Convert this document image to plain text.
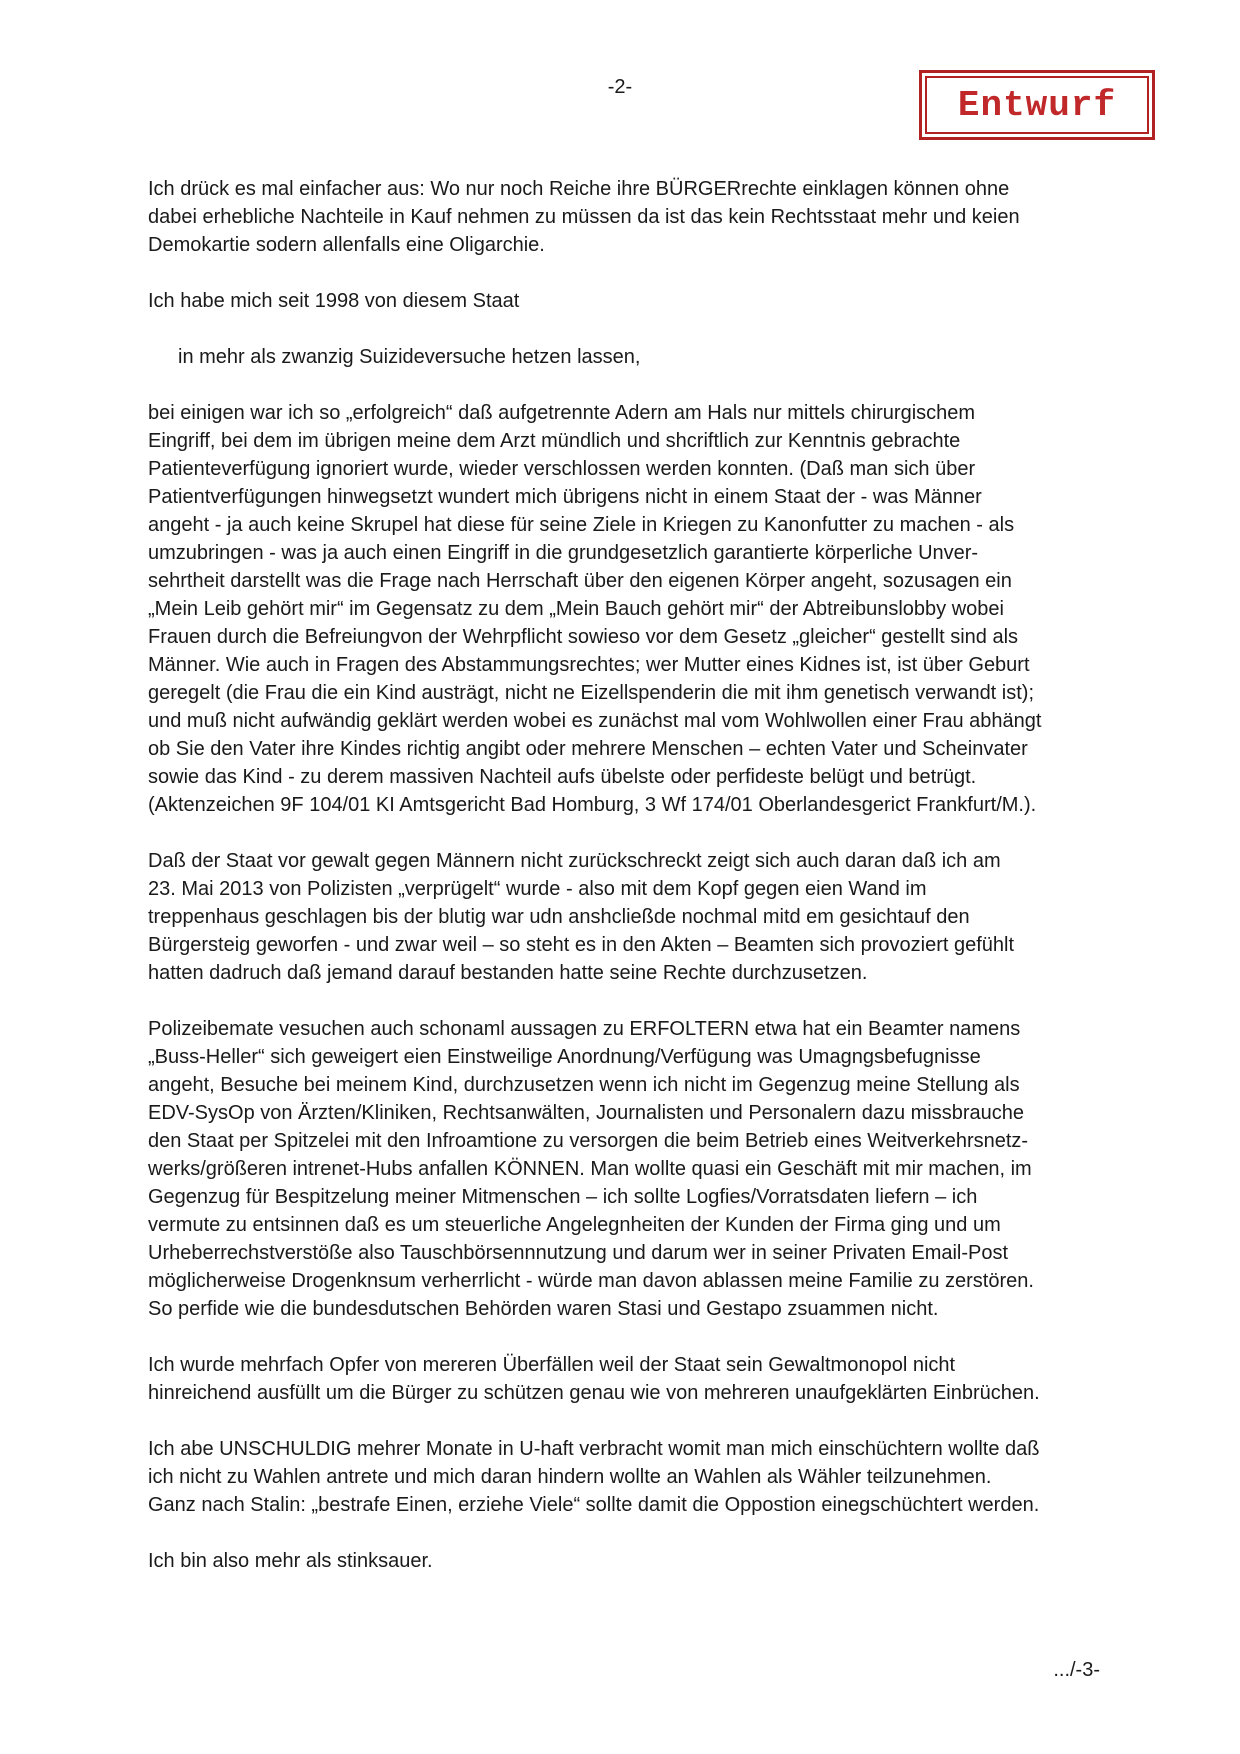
-2-	Entwurf

Ich drück es mal einfacher aus: Wo nur noch Reiche ihre BÜRGERrechte einklagen können ohne
dabei erhebliche Nachteile in Kauf nehmen zu müssen da ist das kein Rechtsstaat mehr und keien
Demokartie sodern allenfalls eine Oligarchie.

Ich habe mich seit 1998 von diesem Staat

in mehr als zwanzig Suizideversuche hetzen lassen,

bei einigen war ich so „erfolgreich“ daß aufgetrennte Adern am Hals nur mittels chirurgischem
Eingriff, bei dem im übrigen meine dem Arzt mündlich und shcriftlich zur Kenntnis gebrachte
Patienteverfügung ignoriert wurde, wieder verschlossen werden konnten. (Daß man sich über
Patientverfügungen hinwegsetzt wundert mich übrigens nicht in einem Staat der - was Männer
angeht - ja auch keine Skrupel hat diese für seine Ziele in Kriegen zu Kanonfutter zu machen - als
umzubringen - was ja auch einen Eingriff in die grundgesetzlich garantierte körperliche Unver-
sehrtheit darstellt was die Frage nach Herrschaft über den eigenen Körper angeht, sozusagen ein
„Mein Leib gehört mir“ im Gegensatz zu dem „Mein Bauch gehört mir“ der Abtreibunslobby wobei
Frauen durch die Befreiungvon der Wehrpflicht sowieso vor dem Gesetz „gleicher“ gestellt sind als
Männer. Wie auch in Fragen des Abstammungsrechtes; wer Mutter eines Kidnes ist, ist über Geburt
geregelt (die Frau die ein Kind austrägt, nicht ne Eizellspenderin die mit ihm genetisch verwandt ist);
und muß nicht aufwändig geklärt werden wobei es zunächst mal vom Wohlwollen einer Frau abhängt
ob Sie den Vater ihre Kindes richtig angibt oder mehrere Menschen – echten Vater und Scheinvater
sowie das Kind - zu derem massiven Nachteil aufs übelste oder perfideste belügt und betrügt.
(Aktenzeichen 9F 104/01 KI Amtsgericht Bad Homburg, 3 Wf 174/01 Oberlandesgerict Frankfurt/M.).

Daß der Staat vor gewalt gegen Männern nicht zurückschreckt zeigt sich auch daran daß ich am
23. Mai 2013 von Polizisten „verprügelt“ wurde - also mit dem Kopf gegen eien Wand im
treppenhaus geschlagen bis der blutig war udn anshcließde nochmal mitd em gesichtauf den
Bürgersteig geworfen - und zwar weil – so steht es in den Akten – Beamten sich provoziert gefühlt
hatten dadruch daß jemand darauf bestanden hatte seine Rechte durchzusetzen.

Polizeibemate vesuchen auch schonaml aussagen zu ERFOLTERN etwa hat ein Beamter namens
„Buss-Heller“ sich geweigert eien Einstweilige Anordnung/Verfügung was Umagngsbefugnisse
angeht, Besuche bei meinem Kind, durchzusetzen wenn ich nicht im Gegenzug meine Stellung als
EDV-SysOp von Ärzten/Kliniken, Rechtsanwälten, Journalisten und Personalern dazu missbrauche
den Staat per Spitzelei mit den Infroamtione zu versorgen die beim Betrieb eines Weitverkehrsnetz-
werks/größeren intrenet-Hubs anfallen KÖNNEN. Man wollte quasi ein Geschäft mit mir machen, im
Gegenzug für Bespitzelung meiner Mitmenschen – ich sollte Logfies/Vorratsdaten liefern – ich
vermute zu entsinnen daß es um steuerliche Angelegnheiten der Kunden der Firma ging und um
Urheberrechstverstöße also Tauschbörsennnutzung und darum wer in seiner Privaten Email-Post
möglicherweise Drogenknsum verherrlicht - würde man davon ablassen meine Familie zu zerstören.
So perfide wie die bundesdutschen Behörden waren Stasi und Gestapo zsuammen nicht.

Ich wurde mehrfach Opfer von mereren Überfällen weil der Staat sein Gewaltmonopol nicht
hinreichend ausfüllt um die Bürger zu schützen genau wie von mehreren unaufgeklärten Einbrüchen.

Ich abe UNSCHULDIG mehrer Monate in U-haft verbracht womit man mich einschüchtern wollte daß
ich nicht zu Wahlen antrete und mich daran hindern wollte an Wahlen als Wähler teilzunehmen.
Ganz nach Stalin: „bestrafe Einen, erziehe Viele“ sollte damit die Oppostion einegschüchtert werden.

Ich bin also mehr als stinksauer.

.../-3-
